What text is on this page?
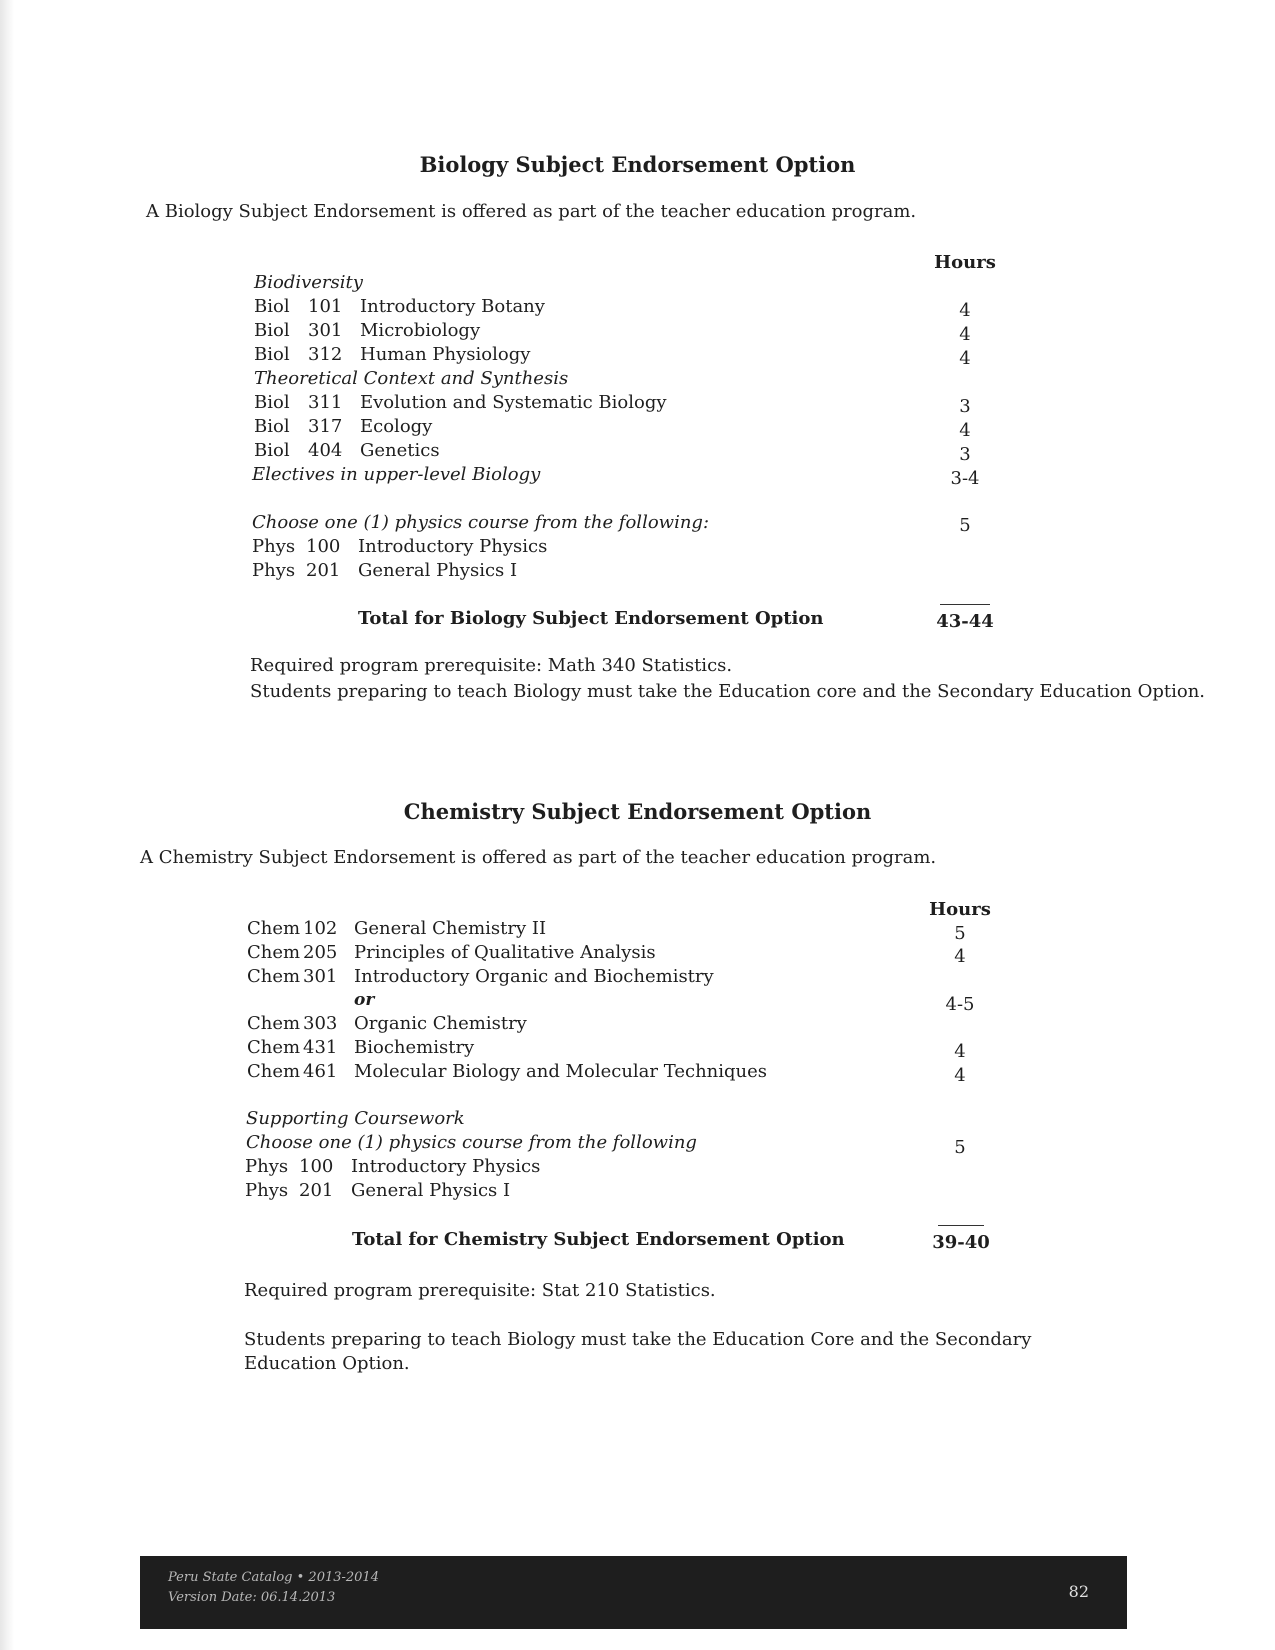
Biology Subject Endorsement Option
A Biology Subject Endorsement is offered as part of the teacher education program.
Hours
Biodiversity
Biol 101 Introductory Botany	4
Biol 301 Microbiology	4
Biol 312 Human Physiology	4
Theoretical Context and Synthesis
Biol 311 Evolution and Systematic Biology	3
Biol 317 Ecology	4
Biol 404 Genetics	3
Electives in upper-level Biology	3-4
Choose one (1) physics course from the following:	5
Phys 100 Introductory Physics
Phys 201 General Physics I
Total for Biology Subject Endorsement Option	43-44
Required program prerequisite: Math 340 Statistics.
Students preparing to teach Biology must take the Education core and the Secondary Education Option.
Chemistry Subject Endorsement Option
A Chemistry Subject Endorsement is offered as part of the teacher education program.
Hours
Chem 102 General Chemistry II	5
Chem 205 Principles of Qualitative Analysis	4
Chem 301 Introductory Organic and Biochemistry
or	4-5
Chem 303 Organic Chemistry
Chem 431 Biochemistry	4
Chem 461 Molecular Biology and Molecular Techniques	4
Supporting Coursework
Choose one (1) physics course from the following	5
Phys 100 Introductory Physics
Phys 201 General Physics I
Total for Chemistry Subject Endorsement Option	39-40
Required program prerequisite: Stat 210 Statistics.
Students preparing to teach Biology must take the Education Core and the Secondary Education Option.
Peru State Catalog • 2013-2014
Version Date: 06.14.2013	82
